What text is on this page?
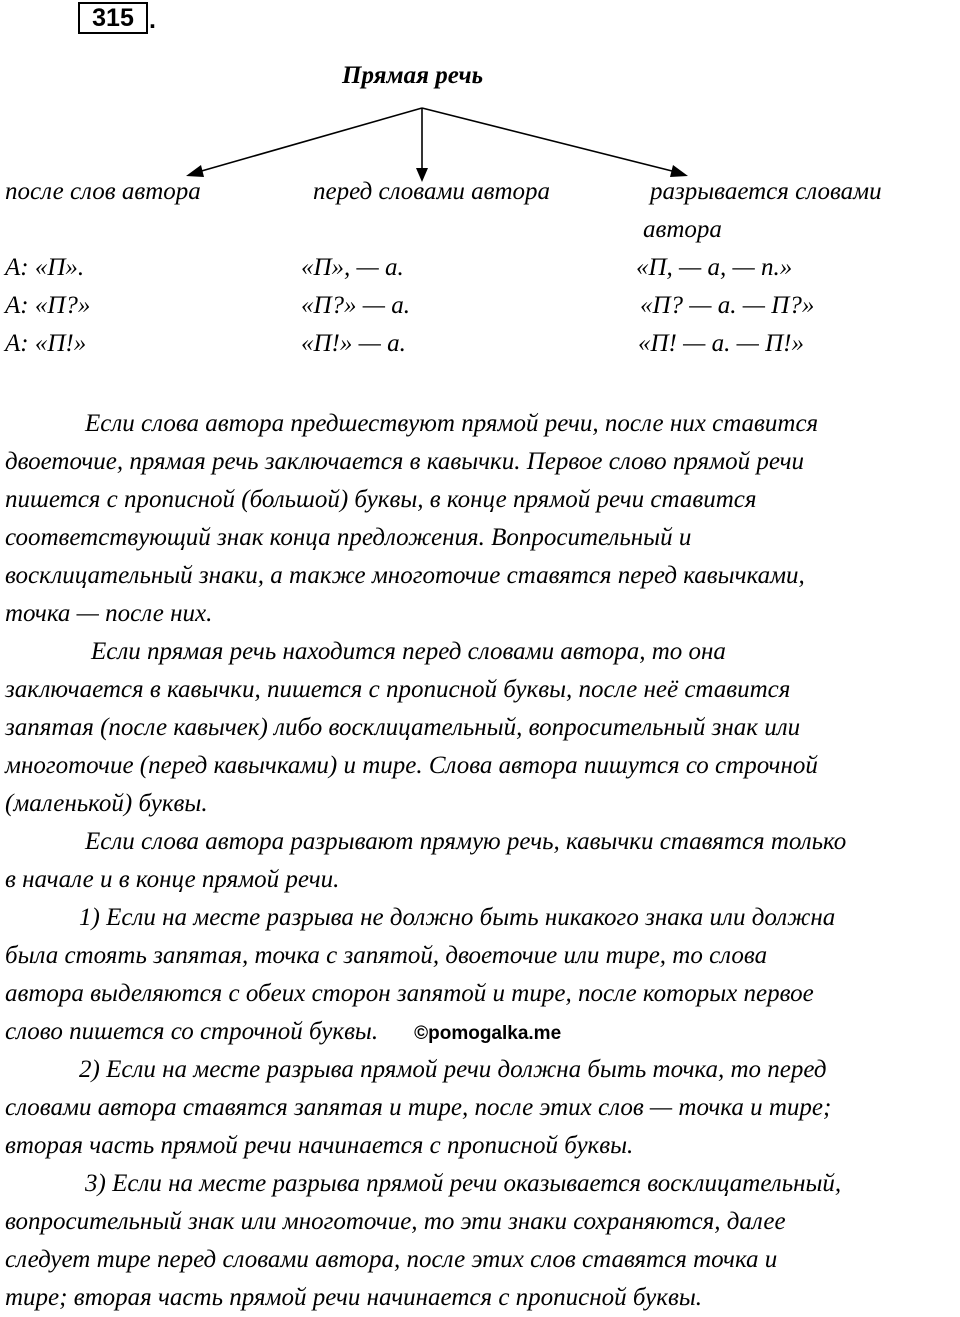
315 .
Прямая речь
после слов автора	перед словами автора	разрывается словами
автора
А: «П».
А: «П?»
А: «П!»
«П», — а.
«П?» — а.
«П!» — а.
«П, — а, — п.»
«П? — а. — П?»
«П! — а. — П!»
Если слова автора предшествуют прямой речи, после них ставится
двоеточие, прямая речь заключается в кавычки. Первое слово прямой речи
пишется с прописной (большой) буквы, в конце прямой речи ставится
соответствующий знак конца предложения. Вопросительный и
восклицательный знаки, а также многоточие ставятся перед кавычками,
точка — после них.
Если прямая речь находится перед словами автора, то она
заключается в кавычки, пишется с прописной буквы, после неё ставится
запятая (после кавычек) либо восклицательный, вопросительный знак или
многоточие (перед кавычками) и тире. Слова автора пишутся со строчной
(маленькой) буквы.
Если слова автора разрывают прямую речь, кавычки ставятся только
в начале и в конце прямой речи.
1) Если на месте разрыва не должно быть никакого знака или должна
была стоять запятая, точка с запятой, двоеточие или тире, то слова
автора выделяются с обеих сторон запятой и тире, после которых первое
слово пишется со строчной буквы. ©pomogalka.me
2) Если на месте разрыва прямой речи должна быть точка, то перед
словами автора ставятся запятая и тире, после этих слов — точка и тире;
вторая часть прямой речи начинается с прописной буквы.
3) Если на месте разрыва прямой речи оказывается восклицательный,
вопросительный знак или многоточие, то эти знаки сохраняются, далее
следует тире перед словами автора, после этих слов ставятся точка и
тире; вторая часть прямой речи начинается с прописной буквы.
